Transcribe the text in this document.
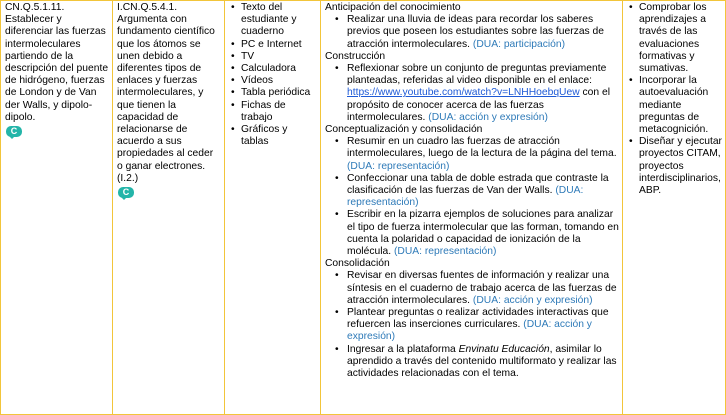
CN.Q.5.1.11. Establecer y diferenciar las fuerzas intermoleculares partiendo de la descripción del puente de hidrógeno, fuerzas de London y de Van der Walls, y dipolo-dipolo.
C

I.CN.Q.5.4.1. Argumenta con fundamento científico que los átomos se unen debido a diferentes tipos de enlaces y fuerzas intermoleculares, y que tienen la capacidad de relacionarse de acuerdo a sus propiedades al ceder o ganar electrones. (I.2.)
C

• Texto del estudiante y cuaderno
• PC e Internet
• TV
• Calculadora
• Vídeos
• Tabla periódica
• Fichas de trabajo
• Gráficos y tablas

Anticipación del conocimiento
• Realizar una lluvia de ideas para recordar los saberes previos que poseen los estudiantes sobre las fuerzas de atracción intermoleculares. (DUA: participación)
Construcción
• Reflexionar sobre un conjunto de preguntas previamente planteadas, referidas al video disponible en el enlace: https://www.youtube.com/watch?v=LNHHoebqUew con el propósito de conocer acerca de las fuerzas intermoleculares. (DUA: acción y expresión)
Conceptualización y consolidación
• Resumir en un cuadro las fuerzas de atracción intermoleculares, luego de la lectura de la página del tema. (DUA: representación)
• Confeccionar una tabla de doble estrada que contraste la clasificación de las fuerzas de Van der Walls. (DUA: representación)
• Escribir en la pizarra ejemplos de soluciones para analizar el tipo de fuerza intermolecular que las forman, tomando en cuenta la polaridad o capacidad de ionización de la molécula. (DUA: representación)
Consolidación
• Revisar en diversas fuentes de información y realizar una síntesis en el cuaderno de trabajo acerca de las fuerzas de atracción intermoleculares. (DUA: acción y expresión)
• Plantear preguntas o realizar actividades interactivas que refuercen las inserciones curriculares. (DUA: acción y expresión)
• Ingresar a la plataforma Envinatu Educación, asimilar lo aprendido a través del contenido multiformato y realizar las actividades relacionadas con el tema.

• Comprobar los aprendizajes a través de las evaluaciones formativas y sumativas.
• Incorporar la autoevaluación mediante preguntas de metacognición.
• Diseñar y ejecutar proyectos CITAM, proyectos interdisciplinarios, ABP.
